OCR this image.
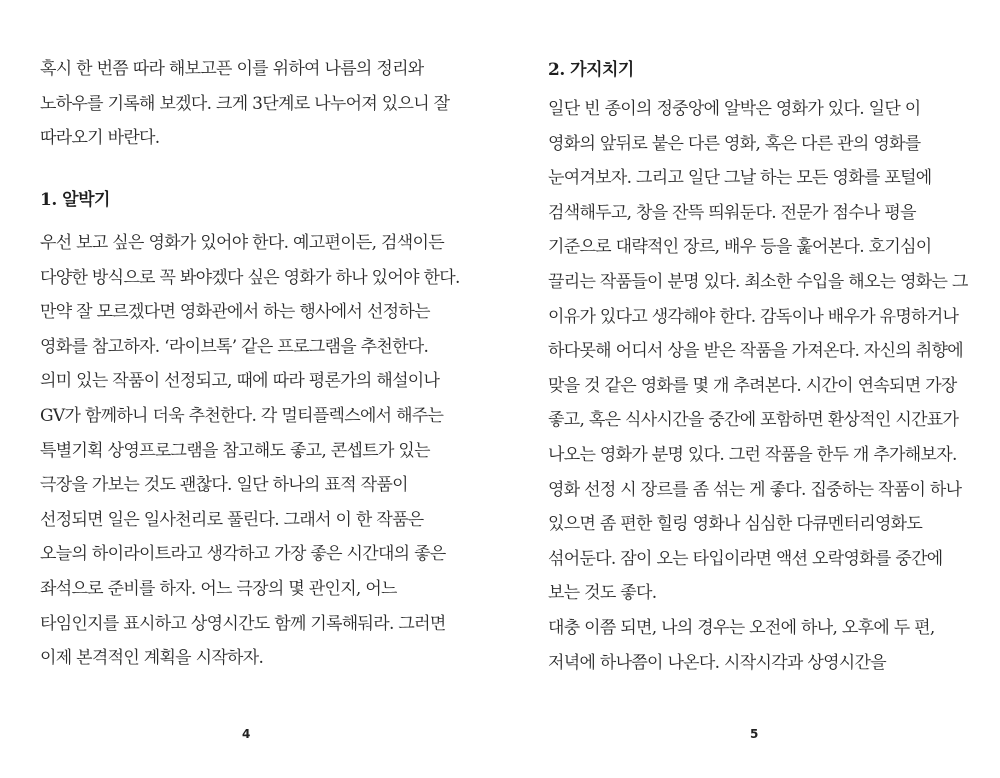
혹시 한 번쯤 따라 해보고픈 이를 위하여 나름의 정리와 노하우를 기록해 보겠다. 크게 3단계로 나누어져 있으니 잘 따라오기 바란다.

1. 알박기

우선 보고 싶은 영화가 있어야 한다. 예고편이든, 검색이든 다양한 방식으로 꼭 봐야겠다 싶은 영화가 하나 있어야 한다. 만약 잘 모르겠다면 영화관에서 하는 행사에서 선정하는 영화를 참고하자. ‘라이브톡’ 같은 프로그램을 추천한다. 의미 있는 작품이 선정되고, 때에 따라 평론가의 해설이나 GV가 함께하니 더욱 추천한다. 각 멀티플렉스에서 해주는 특별기획 상영프로그램을 참고해도 좋고, 콘셉트가 있는 극장을 가보는 것도 괜찮다. 일단 하나의 표적 작품이 선정되면 일은 일사천리로 풀린다. 그래서 이 한 작품은 오늘의 하이라이트라고 생각하고 가장 좋은 시간대의 좋은 좌석으로 준비를 하자. 어느 극장의 몇 관인지, 어느 타임인지를 표시하고 상영시간도 함께 기록해둬라. 그러면 이제 본격적인 계획을 시작하자.

4
2. 가지치기

일단 빈 종이의 정중앙에 알박은 영화가 있다. 일단 이 영화의 앞뒤로 붙은 다른 영화, 혹은 다른 관의 영화를 눈여겨보자. 그리고 일단 그날 하는 모든 영화를 포털에 검색해두고, 창을 잔뜩 띄워둔다. 전문가 점수나 평을 기준으로 대략적인 장르, 배우 등을 훑어본다. 호기심이 끌리는 작품들이 분명 있다. 최소한 수입을 해오는 영화는 그 이유가 있다고 생각해야 한다. 감독이나 배우가 유명하거나 하다못해 어디서 상을 받은 작품을 가져온다. 자신의 취향에 맞을 것 같은 영화를 몇 개 추려본다. 시간이 연속되면 가장 좋고, 혹은 식사시간을 중간에 포함하면 환상적인 시간표가 나오는 영화가 분명 있다. 그런 작품을 한두 개 추가해보자. 영화 선정 시 장르를 좀 섞는 게 좋다. 집중하는 작품이 하나 있으면 좀 편한 힐링 영화나 심심한 다큐멘터리영화도 섞어둔다. 잠이 오는 타입이라면 액션 오락영화를 중간에 보는 것도 좋다.

대충 이쯤 되면, 나의 경우는 오전에 하나, 오후에 두 편, 저녁에 하나쯤이 나온다. 시작시각과 상영시간을

5
